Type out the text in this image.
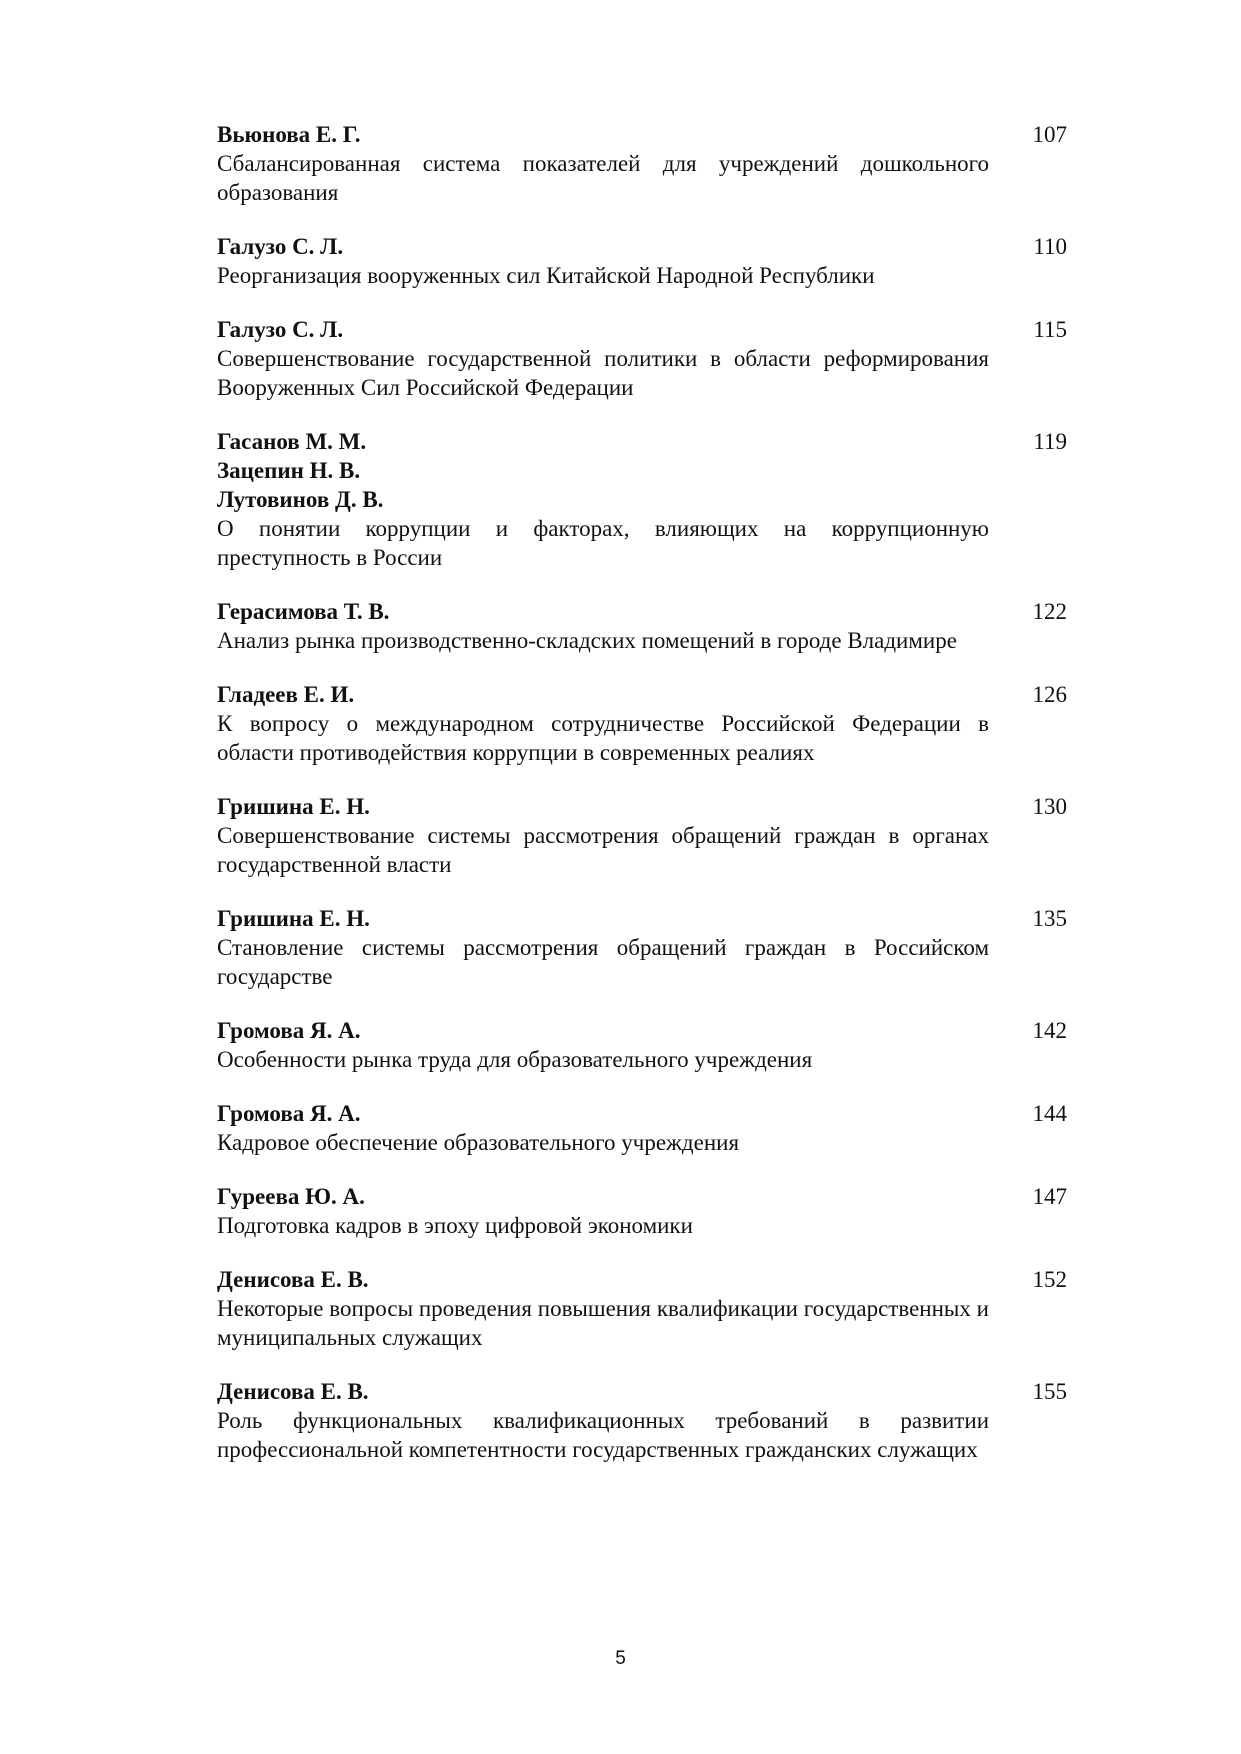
Вьюнова Е. Г.

Сбалансированная система показателей для учреждений дошкольного образования

107

Галузо С. Л.

Реорганизация вооруженных сил Китайской Народной Республики

110

Галузо С. Л.

Совершенствование государственной политики в области реформирования Вооруженных Сил Российской Федерации

115

Гасанов М. М.

Зацепин Н. В.

Лутовинов Д. В.

О понятии коррупции и факторах, влияющих на коррупционную преступность в России

119

Герасимова Т. В.

Анализ рынка производственно-складских помещений в городе Владимире

122

Гладеев Е. И.

К вопросу о международном сотрудничестве Российской Федерации в области противодействия коррупции в современных реалиях

126

Гришина Е. Н.

Совершенствование системы рассмотрения обращений граждан в органах государственной власти

130

Гришина Е. Н.

Становление системы рассмотрения обращений граждан в Российском государстве

135

Громова Я. А.

Особенности рынка труда для образовательного учреждения

142

Громова Я. А.

Кадровое обеспечение образовательного учреждения

144

Гуреева Ю. А.

Подготовка кадров в эпоху цифровой экономики

147

Денисова Е. В.

Некоторые вопросы проведения повышения квалификации государственных и муниципальных служащих

152

Денисова Е. В.

Роль функциональных квалификационных требований в развитии профессиональной компетентности государственных гражданских служащих

155
5
